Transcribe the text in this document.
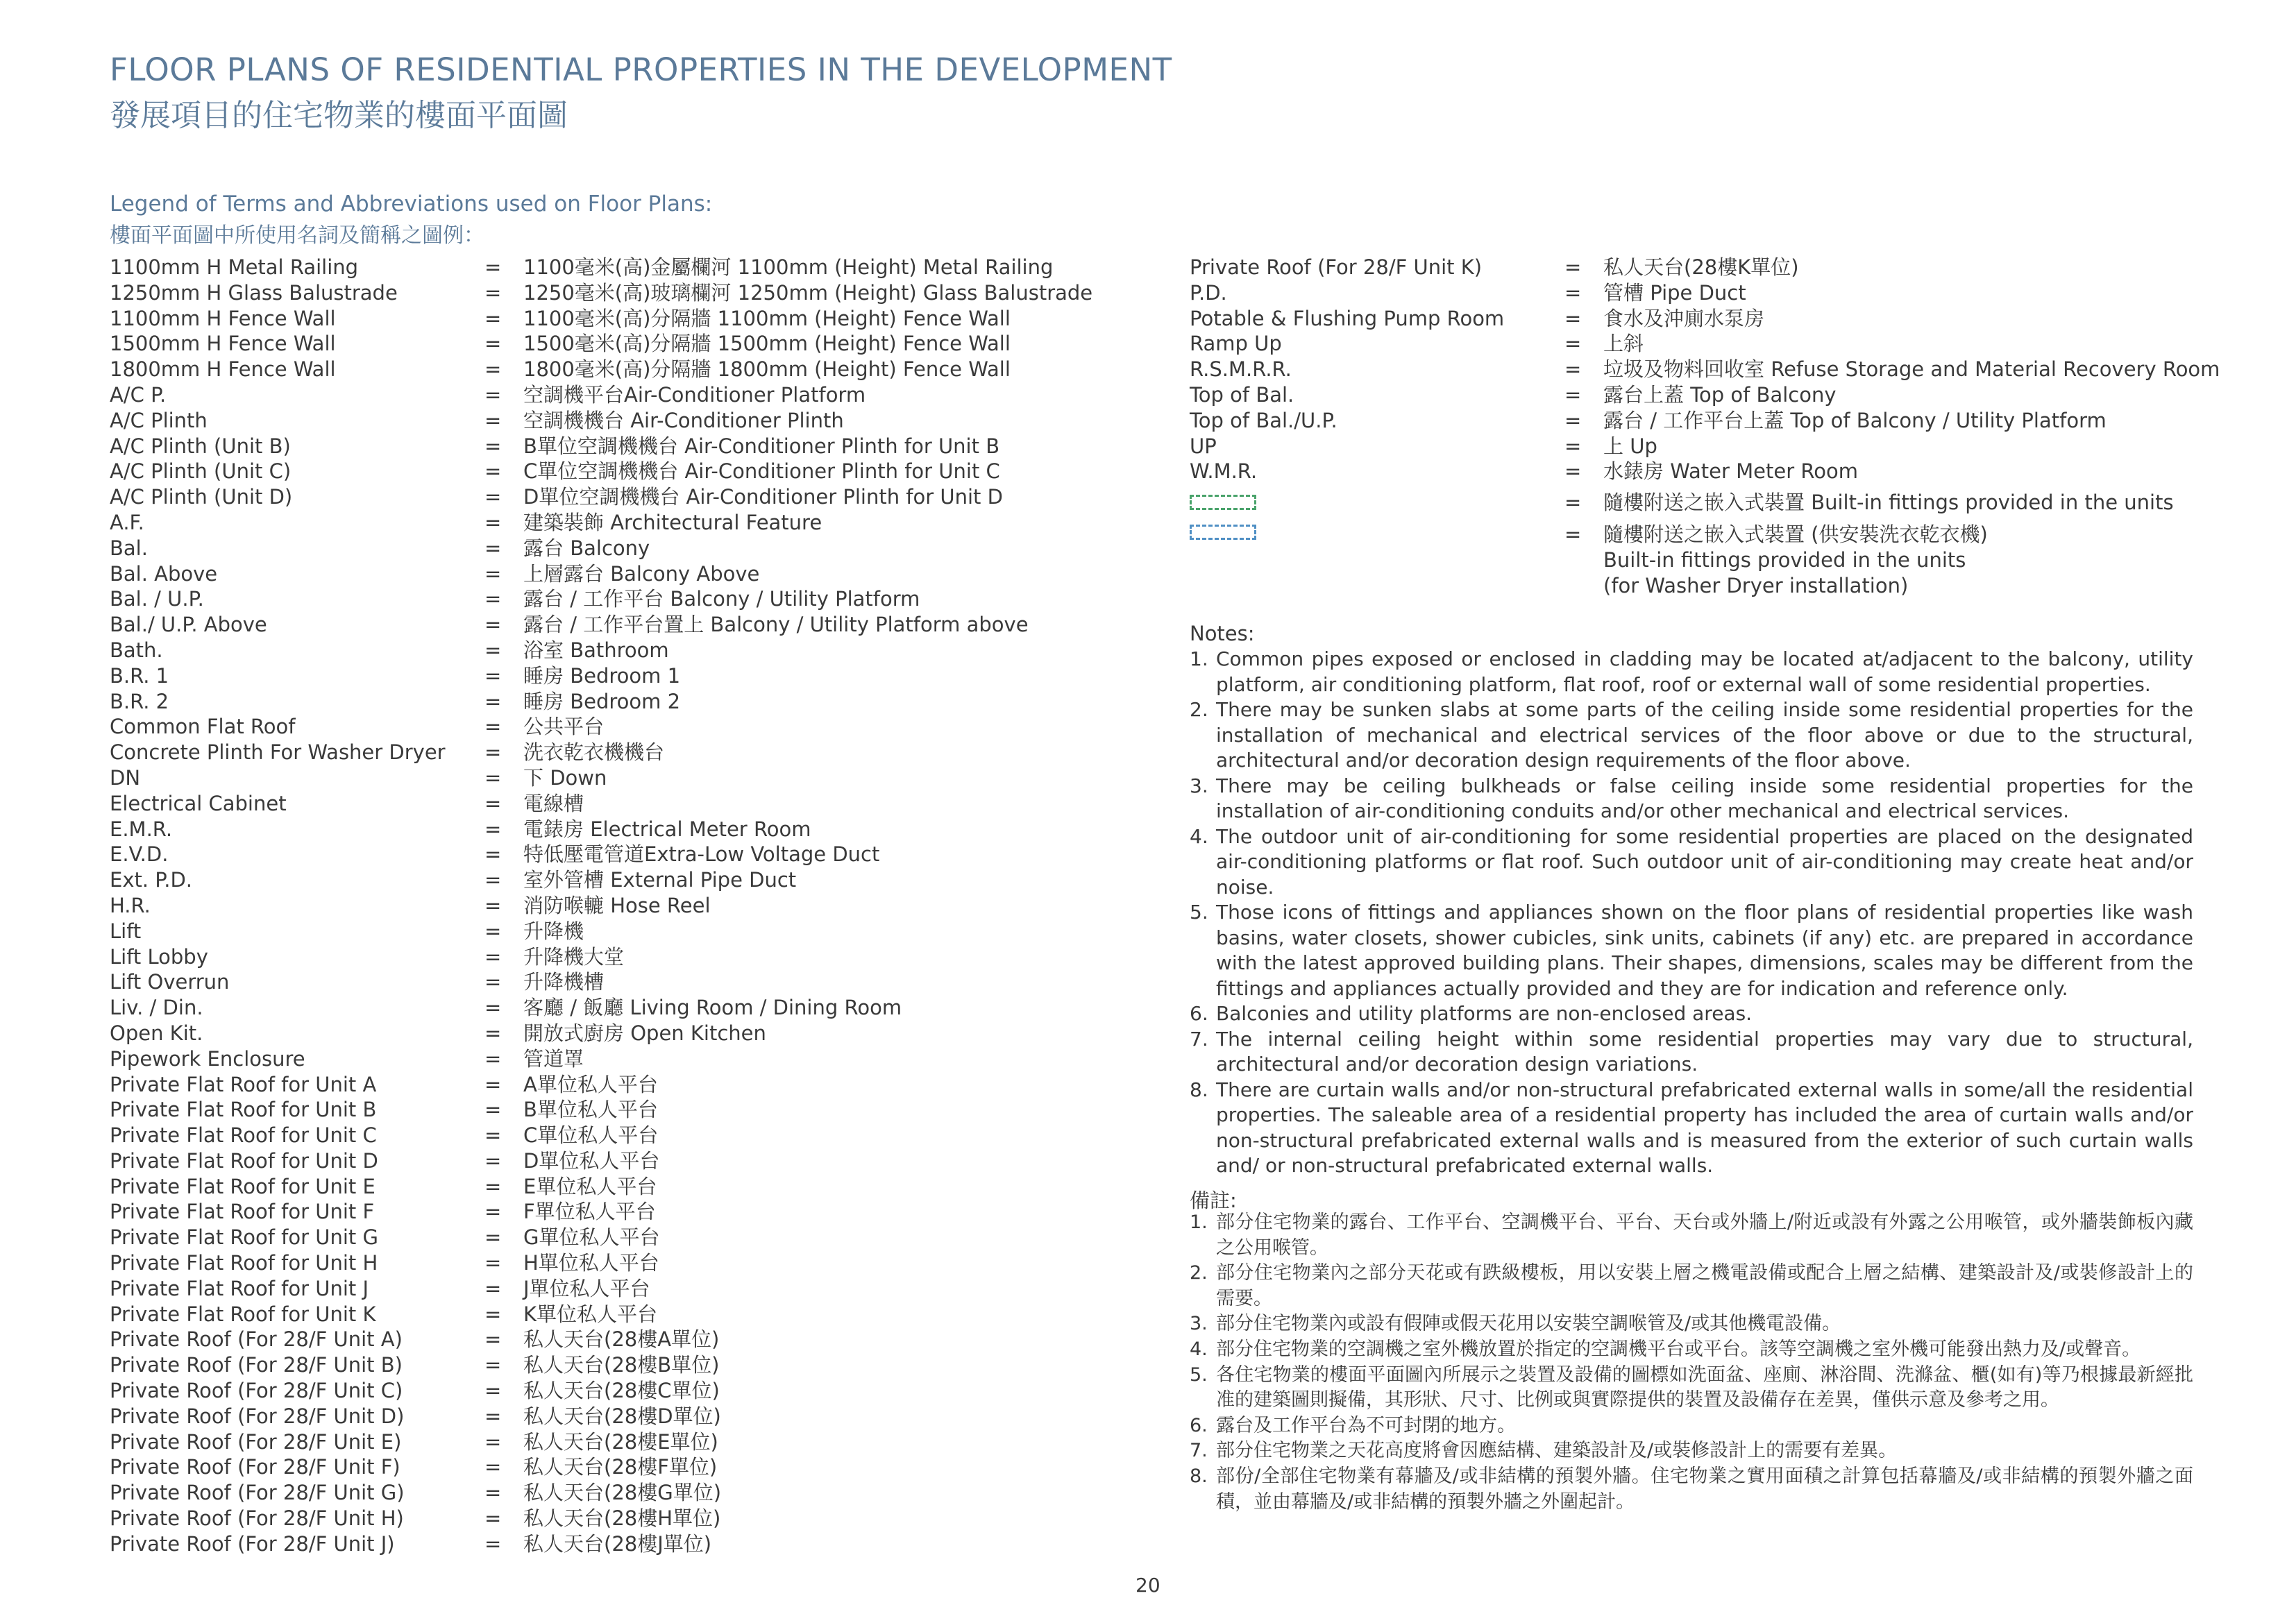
FLOOR PLANS OF RESIDENTIAL PROPERTIES IN THE DEVELOPMENT
發展項目的住宅物業的樓面平面圖
Legend of Terms and Abbreviations used on Floor Plans:
樓面平面圖中所使用名詞及簡稱之圖例：
1100mm H Metal Railing	= 1100毫米(高)金屬欄河 1100mm (Height) Metal Railing
1250mm H Glass Balustrade	= 1250毫米(高)玻璃欄河 1250mm (Height) Glass Balustrade
1100mm H Fence Wall	= 1100毫米(高)分隔牆 1100mm (Height) Fence Wall
1500mm H Fence Wall	= 1500毫米(高)分隔牆 1500mm (Height) Fence Wall
1800mm H Fence Wall	= 1800毫米(高)分隔牆 1800mm (Height) Fence Wall
A/C P.	= 空調機平台Air-Conditioner Platform
A/C Plinth	= 空調機機台 Air-Conditioner Plinth
A/C Plinth (Unit B)	= B單位空調機機台 Air-Conditioner Plinth for Unit B
A/C Plinth (Unit C)	= C單位空調機機台 Air-Conditioner Plinth for Unit C
A/C Plinth (Unit D)	= D單位空調機機台 Air-Conditioner Plinth for Unit D
A.F.	= 建築裝飾 Architectural Feature
Bal.	= 露台 Balcony
Bal. Above	= 上層露台 Balcony Above
Bal. / U.P.	= 露台 / 工作平台 Balcony / Utility Platform
Bal./ U.P. Above	= 露台 / 工作平台置上 Balcony / Utility Platform above
Bath.	= 浴室 Bathroom
B.R. 1	= 睡房 Bedroom 1
B.R. 2	= 睡房 Bedroom 2
Common Flat Roof	= 公共平台
Concrete Plinth For Washer Dryer = 洗衣乾衣機機台
DN	= 下 Down
Electrical Cabinet	= 電線槽
E.M.R.	= 電錶房 Electrical Meter Room
E.V.D.	= 特低壓電管道Extra-Low Voltage Duct
Ext. P.D.	= 室外管槽 External Pipe Duct
H.R.	= 消防喉轆 Hose Reel
Lift	= 升降機
Lift Lobby	= 升降機大堂
Lift Overrun	= 升降機槽
Liv. / Din.	= 客廳 / 飯廳 Living Room / Dining Room
Open Kit.	= 開放式廚房 Open Kitchen
Pipework Enclosure	= 管道罩
Private Flat Roof for Unit A	= A單位私人平台
Private Flat Roof for Unit B	= B單位私人平台
Private Flat Roof for Unit C	= C單位私人平台
Private Flat Roof for Unit D	= D單位私人平台
Private Flat Roof for Unit E	= E單位私人平台
Private Flat Roof for Unit F	= F單位私人平台
Private Flat Roof for Unit G	= G單位私人平台
Private Flat Roof for Unit H	= H單位私人平台
Private Flat Roof for Unit J	= J單位私人平台
Private Flat Roof for Unit K	= K單位私人平台
Private Roof (For 28/F Unit A)	= 私人天台(28樓A單位)
Private Roof (For 28/F Unit B)	= 私人天台(28樓B單位)
Private Roof (For 28/F Unit C)	= 私人天台(28樓C單位)
Private Roof (For 28/F Unit D)	= 私人天台(28樓D單位)
Private Roof (For 28/F Unit E)	= 私人天台(28樓E單位)
Private Roof (For 28/F Unit F)	= 私人天台(28樓F單位)
Private Roof (For 28/F Unit G)	= 私人天台(28樓G單位)
Private Roof (For 28/F Unit H)	= 私人天台(28樓H單位)
Private Roof (For 28/F Unit J)	= 私人天台(28樓J單位)
Private Roof (For 28/F Unit K)	= 私人天台(28樓K單位)
P.D.	= 管槽 Pipe Duct
Potable & Flushing Pump Room	= 食水及沖廁水泵房
Ramp Up	= 上斜
R.S.M.R.R.	= 垃圾及物料回收室 Refuse Storage and Material Recovery Room
Top of Bal.	= 露台上蓋 Top of Balcony
Top of Bal./U.P.	= 露台 / 工作平台上蓋 Top of Balcony / Utility Platform
UP	= 上 Up
W.M.R.	= 水錶房 Water Meter Room
= 隨樓附送之嵌入式裝置 Built-in fittings provided in the units
= 隨樓附送之嵌入式裝置 (供安裝洗衣乾衣機)
Built-in fittings provided in the units
(for Washer Dryer installation)
Notes:
1. Common pipes exposed or enclosed in cladding may be located at/adjacent to the balcony, utility platform, air conditioning platform, flat roof, roof or external wall of some residential properties.
2. There may be sunken slabs at some parts of the ceiling inside some residential properties for the installation of mechanical and electrical services of the floor above or due to the structural, architectural and/or decoration design requirements of the floor above.
3. There may be ceiling bulkheads or false ceiling inside some residential properties for the installation of air-conditioning conduits and/or other mechanical and electrical services.
4. The outdoor unit of air-conditioning for some residential properties are placed on the designated air-conditioning platforms or flat roof. Such outdoor unit of air-conditioning may create heat and/or noise.
5. Those icons of fittings and appliances shown on the floor plans of residential properties like wash basins, water closets, shower cubicles, sink units, cabinets (if any) etc. are prepared in accordance with the latest approved building plans. Their shapes, dimensions, scales may be different from the fittings and appliances actually provided and they are for indication and reference only.
6. Balconies and utility platforms are non-enclosed areas.
7. The internal ceiling height within some residential properties may vary due to structural, architectural and/or decoration design variations.
8. There are curtain walls and/or non-structural prefabricated external walls in some/all the residential properties. The saleable area of a residential property has included the area of curtain walls and/or non-structural prefabricated external walls and is measured from the exterior of such curtain walls and/ or non-structural prefabricated external walls.
備註:
1. 部分住宅物業的露台、工作平台、空調機平台、平台、天台或外牆上/附近或設有外露之公用喉管，或外牆裝飾板內藏之公用喉管。
2. 部分住宅物業內之部分天花或有跌級樓板，用以安裝上層之機電設備或配合上層之結構、建築設計及/或裝修設計上的需要。
3. 部分住宅物業內或設有假陣或假天花用以安裝空調喉管及/或其他機電設備。
4. 部分住宅物業的空調機之室外機放置於指定的空調機平台或平台。該等空調機之室外機可能發出熱力及/或聲音。
5. 各住宅物業的樓面平面圖內所展示之裝置及設備的圖標如洗面盆、座廁、淋浴間、洗滌盆、櫃(如有)等乃根據最新經批准的建築圖則擬備，其形狀、尺寸、比例或與實際提供的裝置及設備存在差異，僅供示意及參考之用。
6. 露台及工作平台為不可封閉的地方。
7. 部分住宅物業之天花高度將會因應結構、建築設計及/或裝修設計上的需要有差異。
8. 部份/全部住宅物業有幕牆及/或非結構的預製外牆。住宅物業之實用面積之計算包括幕牆及/或非結構的預製外牆之面積，並由幕牆及/或非結構的預製外牆之外圍起計。
20
